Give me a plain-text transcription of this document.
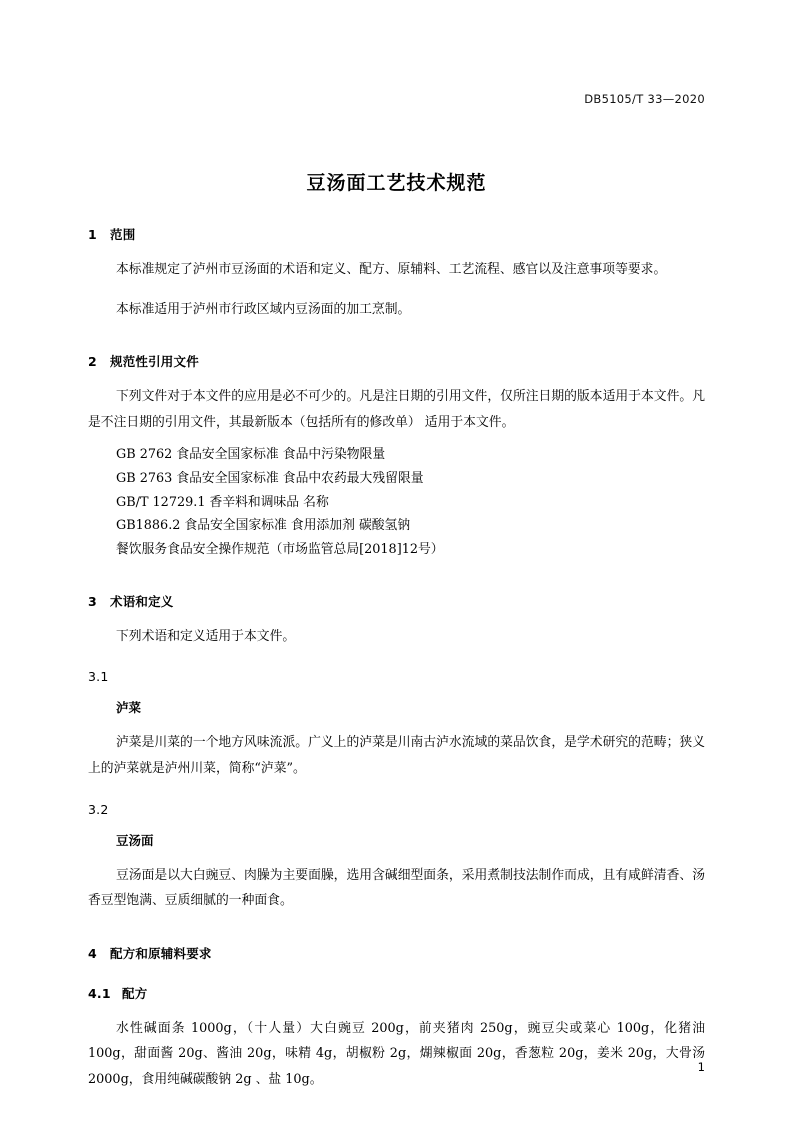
DB5105/T 33—2020
豆汤面工艺技术规范
1 范围

本标准规定了泸州市豆汤面的术语和定义、配方、原辅料、工艺流程、感官以及注意事项等要求。

本标准适用于泸州市行政区域内豆汤面的加工烹制。

2 规范性引用文件

下列文件对于本文件的应用是必不可少的。凡是注日期的引用文件，仅所注日期的版本适用于本文件。凡是不注日期的引用文件，其最新版本（包括所有的修改单） 适用于本文件。

GB 2762 食品安全国家标准 食品中污染物限量

GB 2763 食品安全国家标准 食品中农药最大残留限量

GB/T 12729.1 香辛料和调味品 名称

GB1886.2 食品安全国家标准 食用添加剂 碳酸氢钠

餐饮服务食品安全操作规范（市场监管总局[2018]12号）

3 术语和定义

下列术语和定义适用于本文件。

3.1
泸菜

泸菜是川菜的一个地方风味流派。广义上的泸菜是川南古泸水流域的菜品饮食，是学术研究的范畴；狭义上的泸菜就是泸州川菜，简称“泸菜”。

3.2
豆汤面

豆汤面是以大白豌豆、肉臊为主要面臊，选用含碱细型面条，采用煮制技法制作而成，且有咸鲜清香、汤香豆型饱满、豆质细腻的一种面食。

4 配方和原辅料要求
4.1 配方

水性碱面条 1000g，（十人量）大白豌豆 200g，前夹猪肉 250g，豌豆尖或菜心 100g，化猪油 100g，甜面酱 20g、酱油 20g，味精 4g，胡椒粉 2g，煳辣椒面 20g，香葱粒 20g，姜米 20g，大骨汤 2000g，食用纯碱碳酸钠 2g 、盐 10g。

1
